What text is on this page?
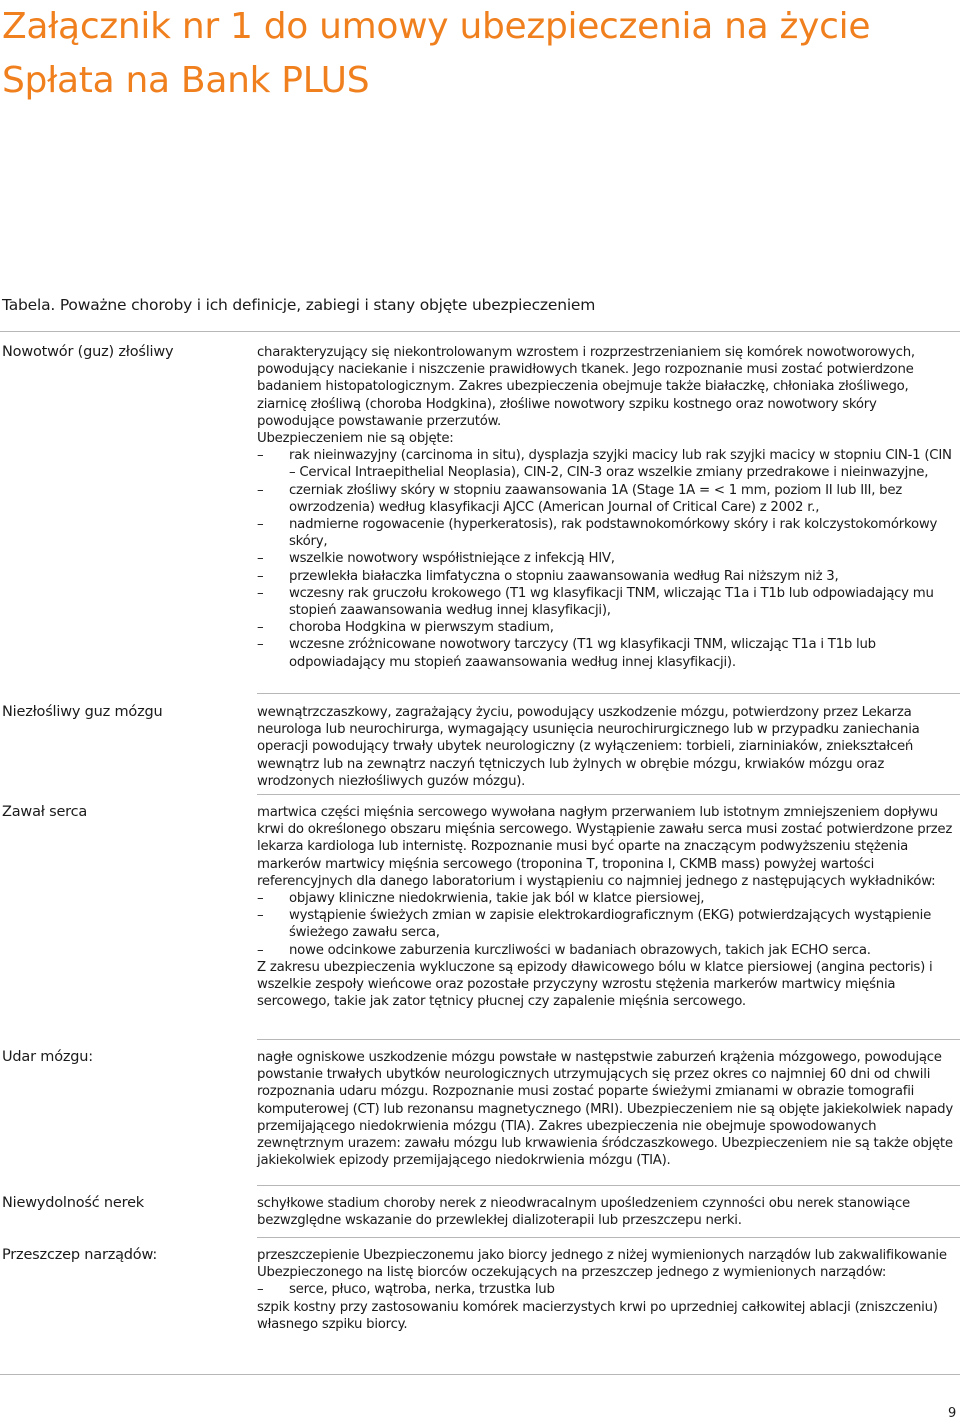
Załącznik nr 1 do umowy ubezpieczenia na życie
Spłata na Bank PLUS
Tabela. Poważne choroby i ich definicje, zabiegi i stany objęte ubezpieczeniem
Nowotwór (guz) złośliwy	charakteryzujący się niekontrolowanym wzrostem i rozprzestrzenianiem się komórek nowotworowych, powodujący naciekanie i niszczenie prawidłowych tkanek. Jego rozpoznanie musi zostać potwierdzone badaniem histopatologicznym. Zakres ubezpieczenia obejmuje także białaczkę, chłoniaka złośliwego, ziarnicę złośliwą (choroba Hodgkina), złośliwe nowotwory szpiku kostnego oraz nowotwory skóry powodujące powstawanie przerzutów.

Ubezpieczeniem nie są objęte:

– rak nieinwazyjny (carcinoma in situ), dysplazja szyjki macicy lub rak szyjki macicy w stopniu CIN-1 (CIN – Cervical Intraepithelial Neoplasia), CIN-2, CIN-3 oraz wszelkie zmiany przedrakowe i nieinwazyjne,
– czerniak złośliwy skóry w stopniu zaawansowania 1A (Stage 1A = < 1 mm, poziom II lub III, bez owrzodzenia) według klasyfikacji AJCC (American Journal of Critical Care) z 2002 r.,
– nadmierne rogowacenie (hyperkeratosis), rak podstawnokomórkowy skóry i rak kolczystokomórkowy skóry,
– wszelkie nowotwory współistniejące z infekcją HIV,
– przewlekła białaczka limfatyczna o stopniu zaawansowania według Rai niższym niż 3,
– wczesny rak gruczołu krokowego (T1 wg klasyfikacji TNM, wliczając T1a i T1b lub odpowiadający mu stopień zaawansowania według innej klasyfikacji),
– choroba Hodgkina w pierwszym stadium,
– wczesne zróżnicowane nowotwory tarczycy (T1 wg klasyfikacji TNM, wliczając T1a i T1b lub odpowiadający mu stopień zaawansowania według innej klasyfikacji).
Niezłośliwy guz mózgu	wewnątrzczaszkowy, zagrażający życiu, powodujący uszkodzenie mózgu, potwierdzony przez Lekarza neurologa lub neurochirurga, wymagający usunięcia neurochirurgicznego lub w przypadku zaniechania operacji powodujący trwały ubytek neurologiczny (z wyłączeniem: torbieli, ziarniniaków, zniekształceń wewnątrz lub na zewnątrz naczyń tętniczych lub żylnych w obrębie mózgu, krwiaków mózgu oraz wrodzonych niezłośliwych guzów mózgu).

Zawał serca	martwica części mięśnia sercowego wywołana nagłym przerwaniem lub istotnym zmniejszeniem dopływu krwi do określonego obszaru mięśnia sercowego. Wystąpienie zawału serca musi zostać potwierdzone przez lekarza kardiologa lub internistę. Rozpoznanie musi być oparte na znaczącym podwyższeniu stężenia markerów martwicy mięśnia sercowego (troponina T, troponina I, CKMB mass) powyżej wartości referencyjnych dla danego laboratorium i wystąpieniu co najmniej jednego z następujących wykładników:

– objawy kliniczne niedokrwienia, takie jak ból w klatce piersiowej,
– wystąpienie świeżych zmian w zapisie elektrokardiograficznym (EKG) potwierdzających wystąpienie świeżego zawału serca,
– nowe odcinkowe zaburzenia kurczliwości w badaniach obrazowych, takich jak ECHO serca.

Z zakresu ubezpieczenia wykluczone są epizody dławicowego bólu w klatce piersiowej (angina pectoris) i wszelkie zespoły wieńcowe oraz pozostałe przyczyny wzrostu stężenia markerów martwicy mięśnia sercowego, takie jak zator tętnicy płucnej czy zapalenie mięśnia sercowego.

Udar mózgu:	nagłe ogniskowe uszkodzenie mózgu powstałe w następstwie zaburzeń krążenia mózgowego, powodujące powstanie trwałych ubytków neurologicznych utrzymujących się przez okres co najmniej 60 dni od chwili rozpoznania udaru mózgu. Rozpoznanie musi zostać poparte świeżymi zmianami w obrazie tomografii komputerowej (CT) lub rezonansu magnetycznego (MRI). Ubezpieczeniem nie są objęte jakiekolwiek napady przemijającego niedokrwienia mózgu (TIA). Zakres ubezpieczenia nie obejmuje spowodowanych zewnętrznym urazem: zawału mózgu lub krwawienia śródczaszkowego. Ubezpieczeniem nie są także objęte jakiekolwiek epizody przemijającego niedokrwienia mózgu (TIA).

Niewydolność nerek	schyłkowe stadium choroby nerek z nieodwracalnym upośledzeniem czynności obu nerek stanowiące bezwzględne wskazanie do przewlekłej dializoterapii lub przeszczepu nerki.

Przeszczep narządów:	przeszczepienie Ubezpieczonemu jako biorcy jednego z niżej wymienionych narządów lub zakwalifikowanie Ubezpieczonego na listę biorców oczekujących na przeszczep jednego z wymienionych narządów:

– serce, płuco, wątroba, nerka, trzustka lub

szpik kostny przy zastosowaniu komórek macierzystych krwi po uprzedniej całkowitej ablacji (zniszczeniu) własnego szpiku biorcy.

9
